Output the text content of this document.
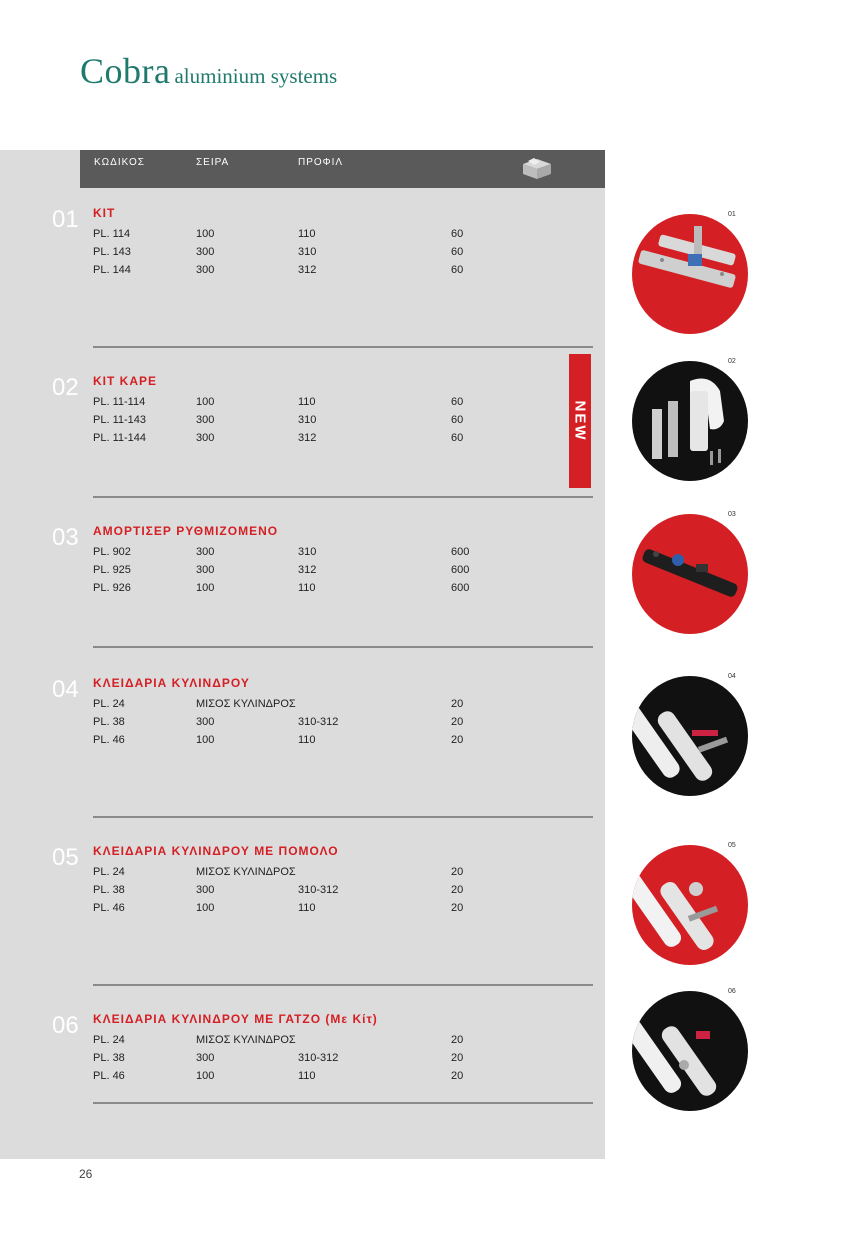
Cobra aluminium systems
ΚΩΔΙΚΟΣ	ΣΕΙΡΑ	ΠΡΟΦΙΛ
01 ΚΙΤ
PL. 114	100	110	60
PL. 143	300	310	60
PL. 144	300	312	60
02 ΚΙΤ ΚΑΡΕ
PL. 11-114	100	110	60
PL. 11-143	300	310	60
PL. 11-144	300	312	60
03 ΑΜΟΡΤΙΣΕΡ ΡΥΘΜΙΖΟΜΕΝΟ
PL. 902	300	310	600
PL. 925	300	312	600
PL. 926	100	110	600
04 ΚΛΕΙΔΑΡΙΑ ΚΥΛΙΝΔΡΟΥ
PL. 24	ΜΙΣΟΣ ΚΥΛΙΝΔΡΟΣ	20
PL. 38	300	310-312	20
PL. 46	100	110	20
05 ΚΛΕΙΔΑΡΙΑ ΚΥΛΙΝΔΡΟΥ ΜΕ ΠΟΜΟΛΟ
PL. 24	ΜΙΣΟΣ ΚΥΛΙΝΔΡΟΣ	20
PL. 38	300	310-312	20
PL. 46	100	110	20
06 ΚΛΕΙΔΑΡΙΑ ΚΥΛΙΝΔΡΟΥ ΜΕ ΓΑΤΖΟ (Με Κίτ)
PL. 24	ΜΙΣΟΣ ΚΥΛΙΝΔΡΟΣ	20
PL. 38	300	310-312	20
PL. 46	100	110	20
NEW
01
02
03
04
05
06
26
